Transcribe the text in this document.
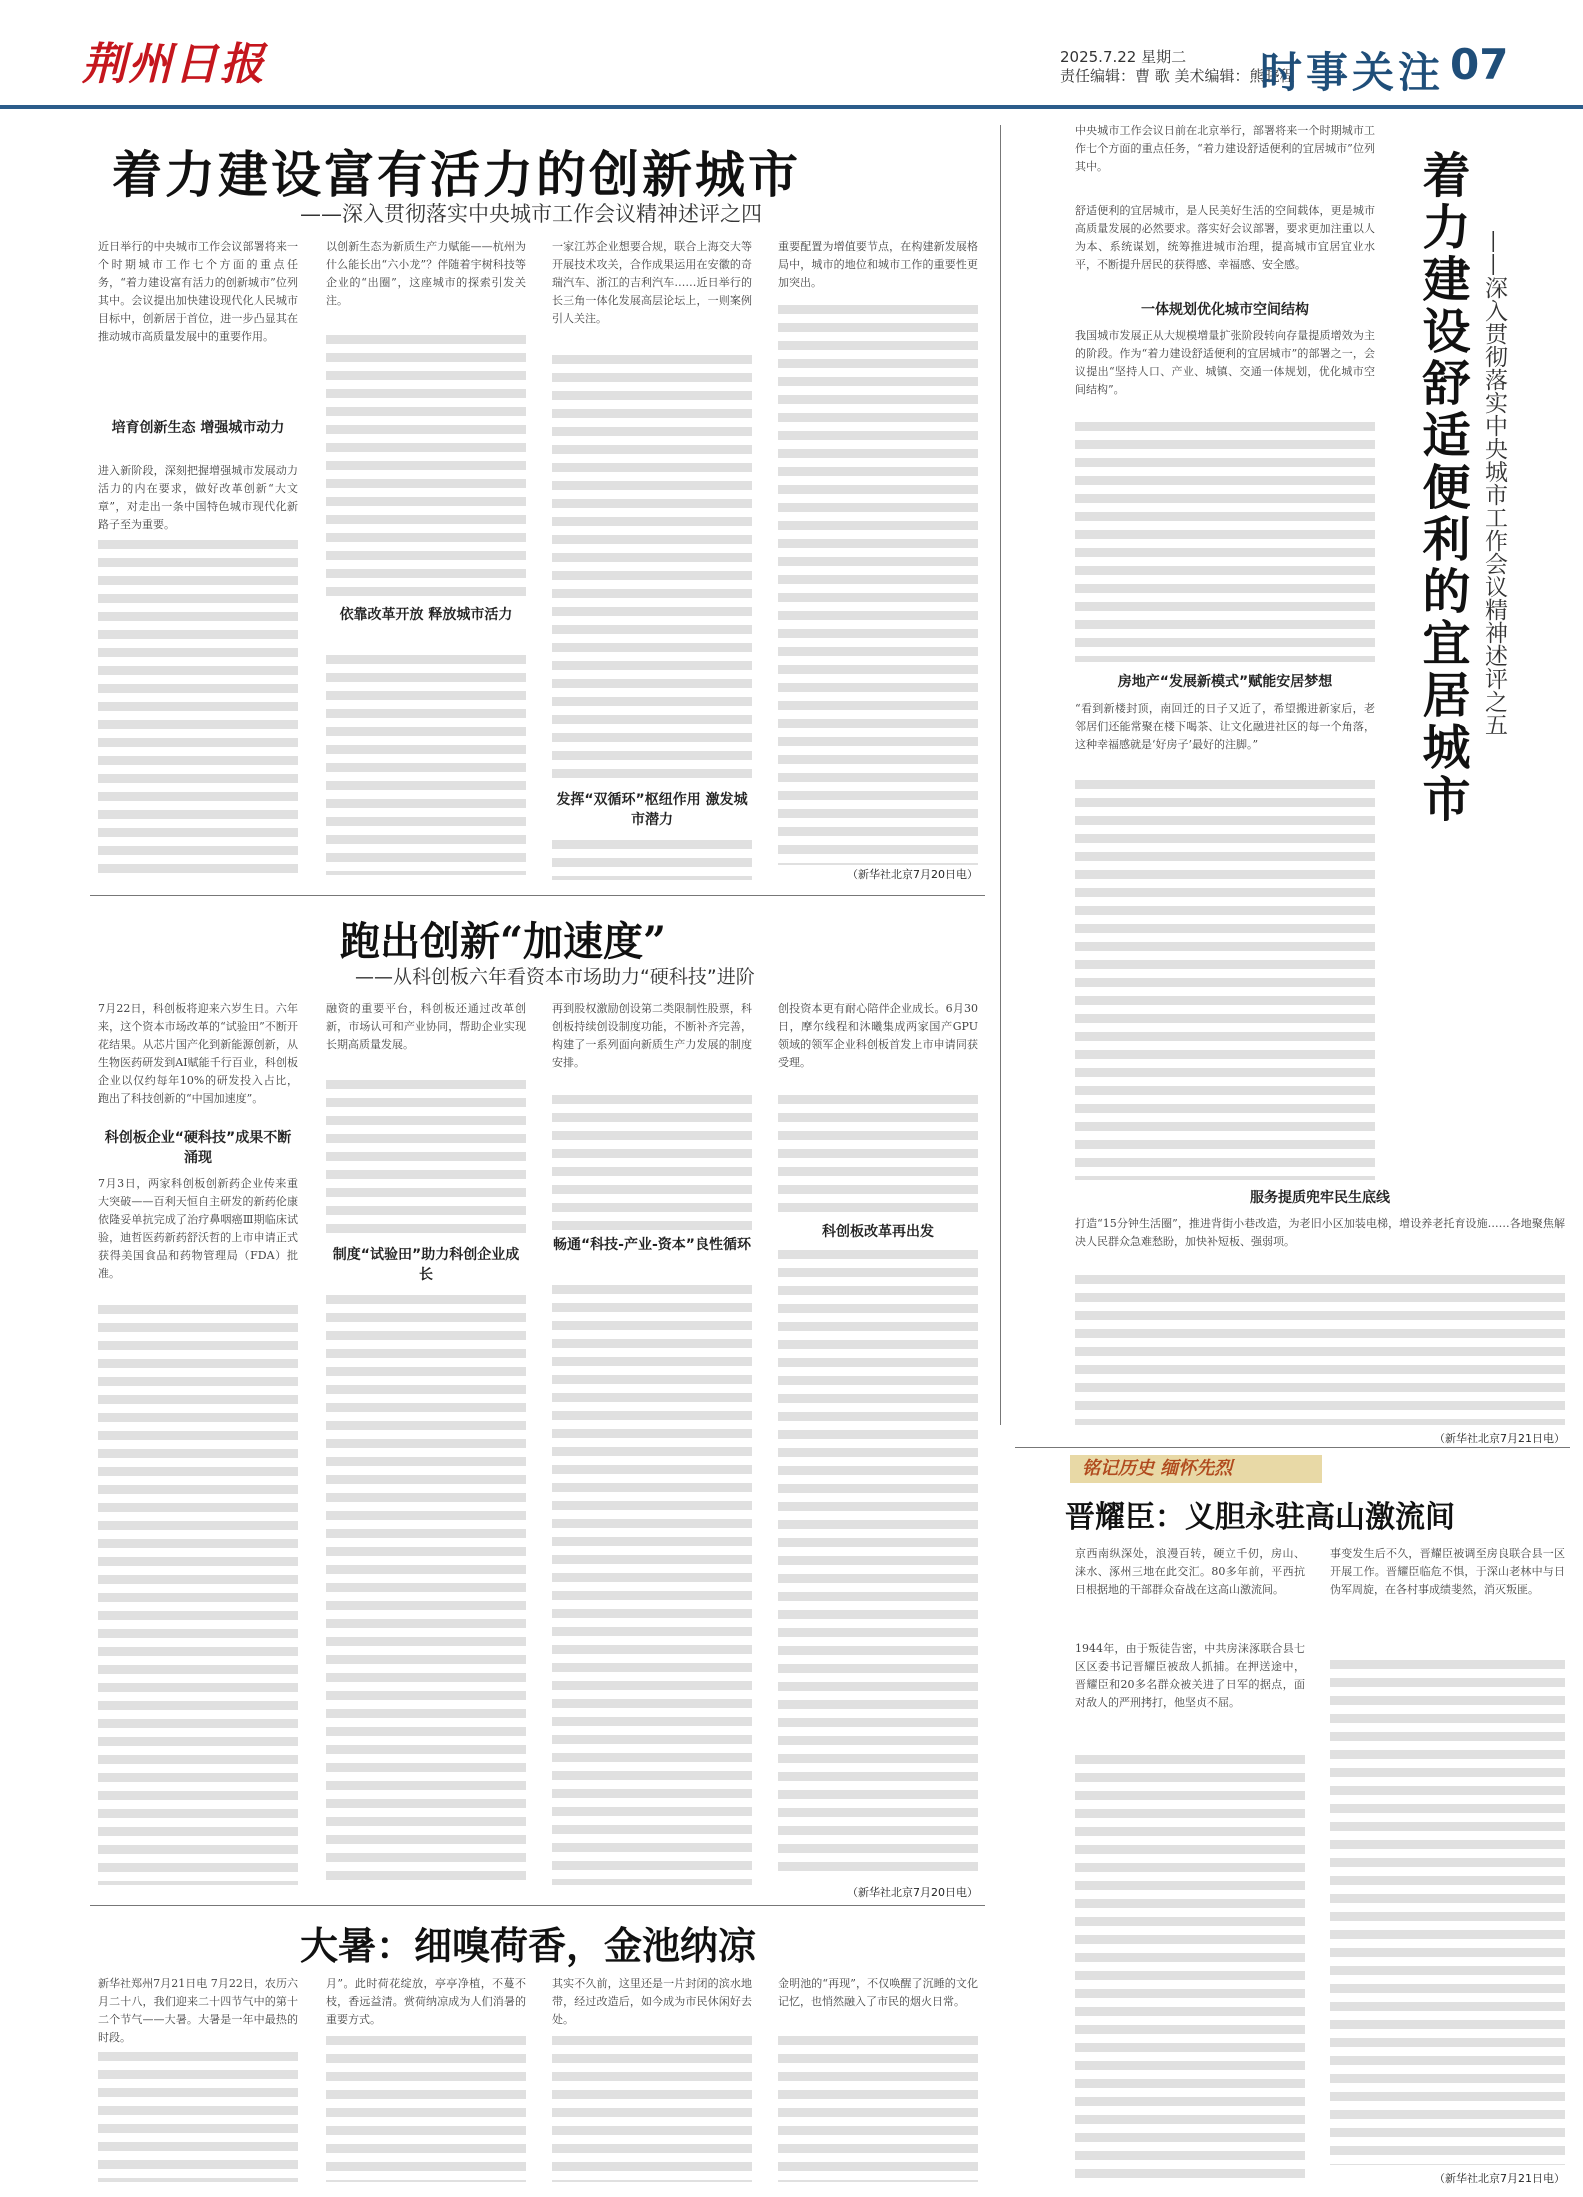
荆州日报	2025.7.22 星期二
责任编辑：曹 歌 美术编辑：熊晓程
时事关注 07
着力建设富有活力的创新城市
——深入贯彻落实中央城市工作会议精神述评之四
近日举行的中央城市工作会议部署将来一个时期城市工作七个方面的重点任务，“着力建设富有活力的创新城市”位列其中。会议提出加快建设现代化人民城市目标中，创新居于首位，进一步凸显其在推动城市高质量发展中的重要作用。
培育创新生态 增强城市动力
进入新阶段，深刻把握增强城市发展动力活力的内在要求，做好改革创新“大文章”，对走出一条中国特色城市现代化新路子至为重要。
以创新生态为新质生产力赋能——杭州为什么能长出“六小龙”？伴随着宇树科技等企业的“出圈”，这座城市的探索引发关注。
依靠改革开放 释放城市活力
一家江苏企业想要合规，联合上海交大等开展技术攻关，合作成果运用在安徽的奇瑞汽车、浙江的吉利汽车……近日举行的长三角一体化发展高层论坛上，一则案例引人关注。
发挥“双循环”枢纽作用 激发城市潜力
重要配置为增值要节点，在构建新发展格局中，城市的地位和城市工作的重要性更加突出。
（新华社北京7月20日电）
跑出创新“加速度”
——从科创板六年看资本市场助力“硬科技”进阶
7月22日，科创板将迎来六岁生日。六年来，这个资本市场改革的“试验田”不断开花结果。从芯片国产化到新能源创新，从生物医药研发到AI赋能千行百业，科创板企业以仅约每年10%的研发投入占比，跑出了科技创新的“中国加速度”。
科创板企业“硬科技”成果不断涌现
7月3日，两家科创板创新药企业传来重大突破——百利天恒自主研发的新药伦康依隆妥单抗完成了治疗鼻咽癌Ⅲ期临床试验，迪哲医药新药舒沃哲的上市申请正式获得美国食品和药物管理局（FDA）批准。
融资的重要平台，科创板还通过改革创新，市场认可和产业协同，帮助企业实现长期高质量发展。
制度“试验田”助力科创企业成长
再到股权激励创设第二类限制性股票，科创板持续创设制度功能，不断补齐完善，构建了一系列面向新质生产力发展的制度安排。
畅通“科技-产业-资本”良性循环
创投资本更有耐心陪伴企业成长。6月30日，摩尔线程和沐曦集成两家国产GPU领域的领军企业科创板首发上市申请同获受理。
科创板改革再出发
（新华社北京7月20日电）
大暑：细嗅荷香，金池纳凉
新华社郑州7月21日电 7月22日，农历六月二十八，我们迎来二十四节气中的第十二个节气——大暑。大暑是一年中最热的时段。
月”。此时荷花绽放，亭亭净植，不蔓不枝，香远益清。赏荷纳凉成为人们消暑的重要方式。
其实不久前，这里还是一片封闭的滨水地带，经过改造后，如今成为市民休闲好去处。
金明池的“再现”，不仅唤醒了沉睡的文化记忆，也悄然融入了市民的烟火日常。
中央城市工作会议日前在北京举行，部署将来一个时期城市工作七个方面的重点任务，“着力建设舒适便利的宜居城市”位列其中。
舒适便利的宜居城市，是人民美好生活的空间载体，更是城市高质量发展的必然要求。落实好会议部署，要求更加注重以人为本、系统谋划，统筹推进城市治理，提高城市宜居宜业水平，不断提升居民的获得感、幸福感、安全感。
一体规划优化城市空间结构
我国城市发展正从大规模增量扩张阶段转向存量提质增效为主的阶段。作为“着力建设舒适便利的宜居城市”的部署之一，会议提出“坚持人口、产业、城镇、交通一体规划，优化城市空间结构”。
房地产“发展新模式”赋能安居梦想
“看到新楼封顶，南回迁的日子又近了，希望搬进新家后，老邻居们还能常聚在楼下喝茶、让文化融进社区的每一个角落，这种幸福感就是‘好房子’最好的注脚。”	着力建设舒适便利的宜居城市 ——深入贯彻落实中央城市工作会议精神述评之五
服务提质兜牢民生底线
打造“15分钟生活圈”，推进背街小巷改造，为老旧小区加装电梯，增设养老托育设施……各地聚焦解决人民群众急难愁盼，加快补短板、强弱项。
（新华社北京7月21日电）
铭记历史 缅怀先烈
晋耀臣：义胆永驻高山激流间
京西南纵深处，浪漫百转，硬立千仞，房山、涞水、涿州三地在此交汇。80多年前，平西抗日根据地的干部群众奋战在这高山激流间。
1944年，由于叛徒告密，中共房涞涿联合县七区区委书记晋耀臣被敌人抓捕。在押送途中，晋耀臣和20多名群众被关进了日军的据点，面对敌人的严刑拷打，他坚贞不屈。
事变发生后不久，晋耀臣被调至房良联合县一区开展工作。晋耀臣临危不惧，于深山老林中与日伪军周旋，在各村事成绩斐然，消灭叛匪。
（新华社北京7月21日电）
